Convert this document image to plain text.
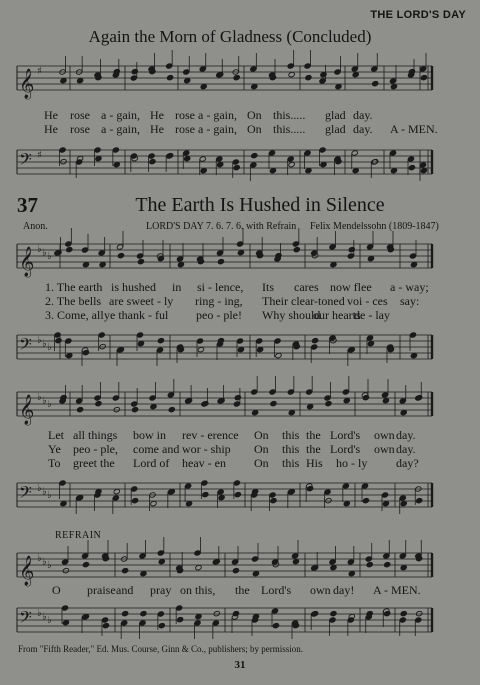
THE LORD'S DAY
Again the Morn of Gladness (Concluded)
𝄞 ♯
He rose a - gain, He rose a - gain, On this..... glad day.
He rose a - gain, He rose a - gain, On this..... glad day. A - MEN.
𝄢 ♯
37	The Earth Is Hushed in Silence
Anon.	LORD'S DAY 7. 6. 7. 6. with Refrain Felix Mendelssohn (1809-1847)
𝄞 ♭ ♭ ♭
1. The earth is hushed in si - lence, Its cares now flee a - way;
2. The bells are sweet - ly ring - ing, Their clear-toned voi - ces say:
3. Come, all ye thank - ful peo - ple! Why should
our hearts
de - lay
𝄢 ♭ ♭ ♭
𝄞 ♭ ♭ ♭
Let all things bow in rev - erence On this the Lord's own day.
Ye peo - ple, come and wor - ship On this the Lord's own day.
To greet the Lord of heav - en On this His ho - ly day?
𝄢 ♭ ♭ ♭
REFRAIN
𝄞 ♭ ♭ ♭
O praise and pray on this, the Lord's own day! A - MEN.
𝄢 ♭ ♭ ♭
From "Fifth Reader," Ed. Mus. Course, Ginn & Co., publishers; by permission.
31
